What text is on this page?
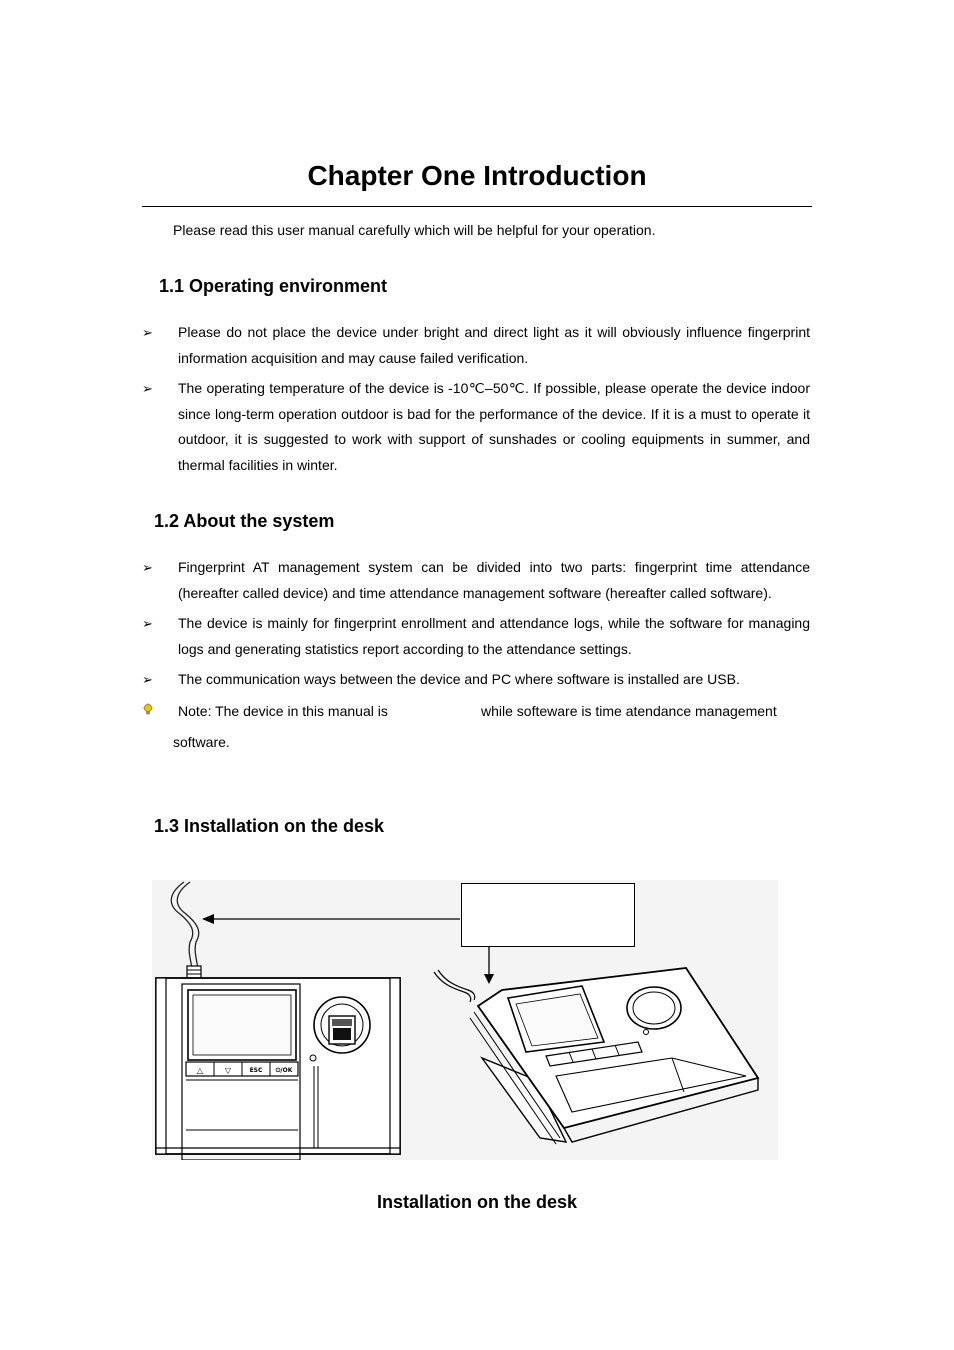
Chapter One Introduction
Please read this user manual carefully which will be helpful for your operation.
1.1 Operating environment
➢ Please do not place the device under bright and direct light as it will obviously influence fingerprint information acquisition and may cause failed verification.
➢ The operating temperature of the device is -10℃–50℃. If possible, please operate the device indoor since long-term operation outdoor is bad for the performance of the device. If it is a must to operate it outdoor, it is suggested to work with support of sunshades or cooling equipments in summer, and thermal facilities in winter.
1.2 About the system
➢ Fingerprint AT management system can be divided into two parts: fingerprint time attendance (hereafter called device) and time attendance management software (hereafter called software).
➢ The device is mainly for fingerprint enrollment and attendance logs, while the software for managing logs and generating statistics report according to the attendance settings.
➢ The communication ways between the device and PC where software is installed are USB.
Note: The device in this manual is	while softeware is time atendance management
software.
1.3 Installation on the desk
△	▽	ESC ⏻/OK
Installation on the desk
